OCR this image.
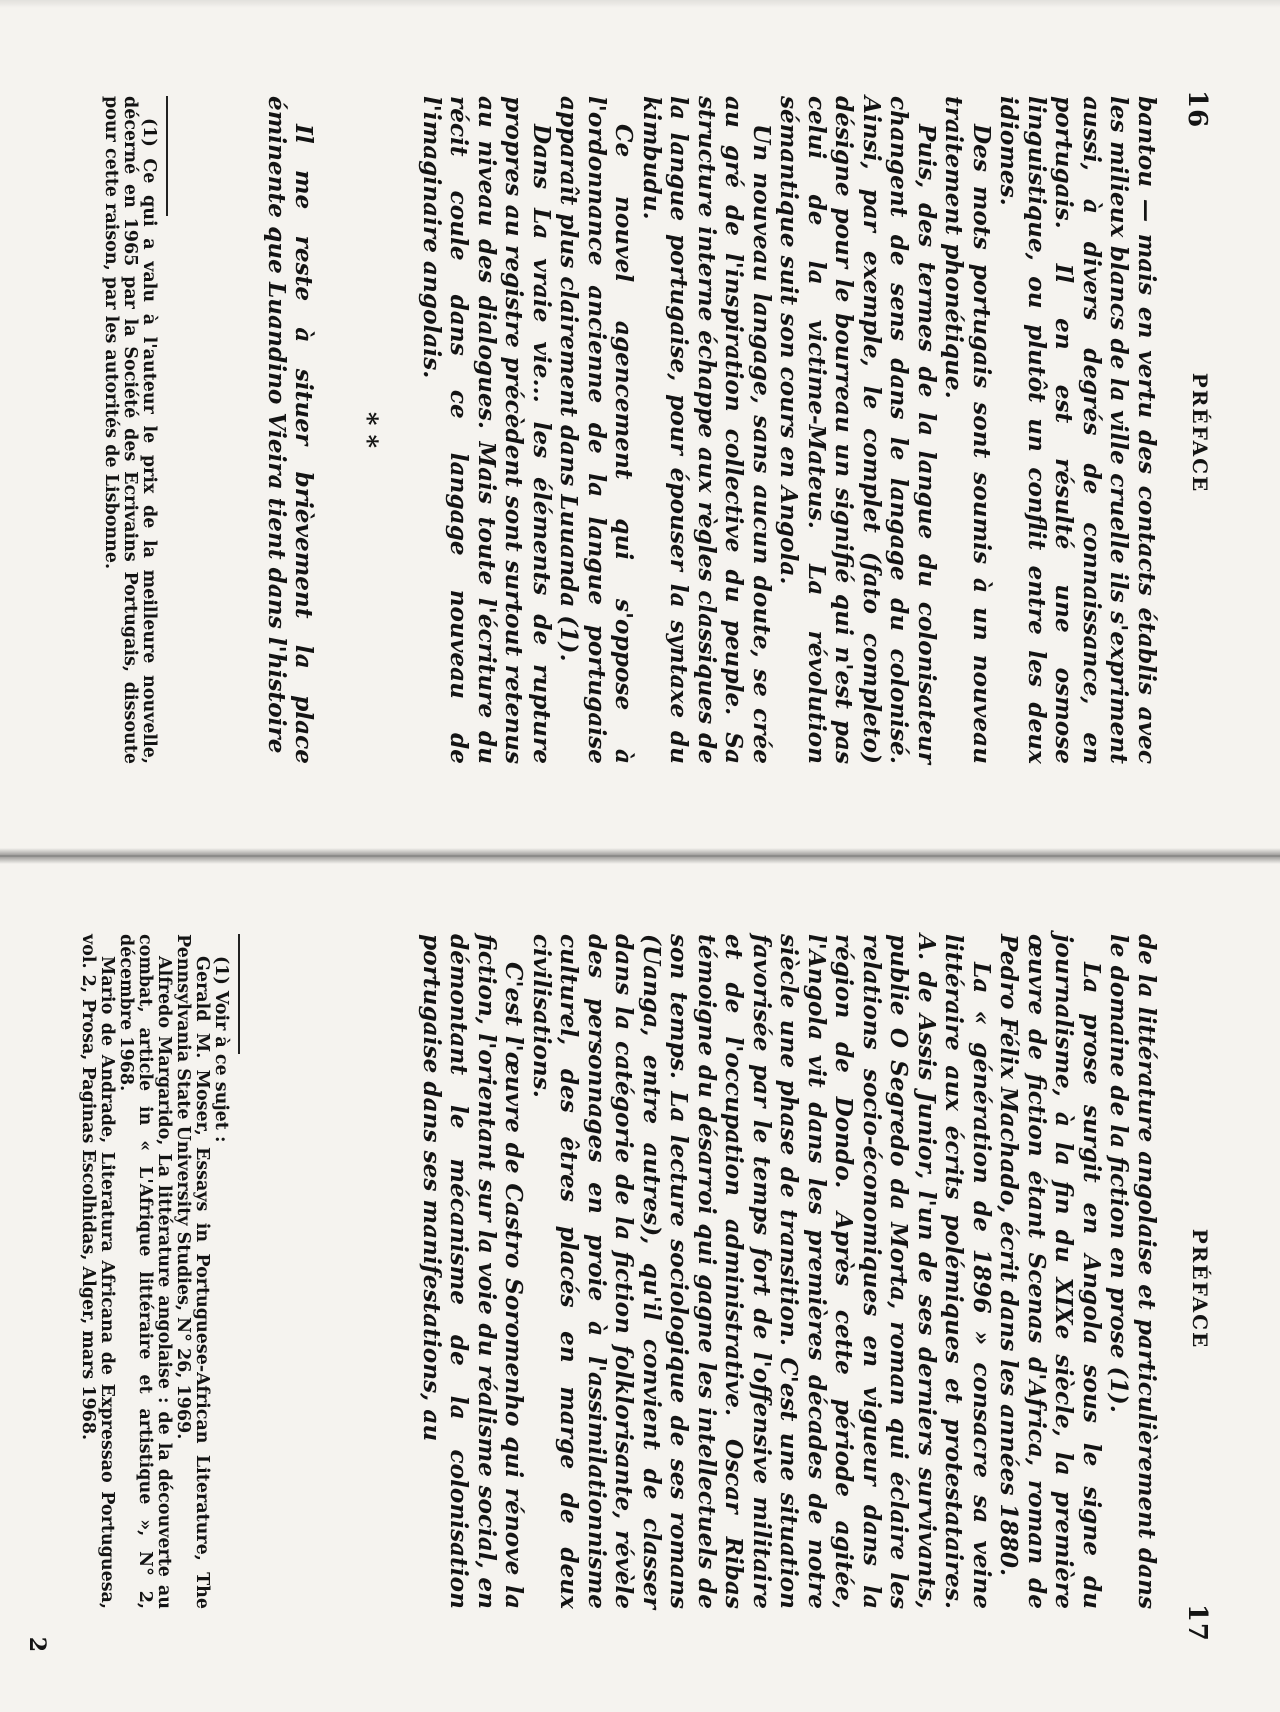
16
PRÉFACE

bantou — mais en vertu des contacts établis avec les milieux blancs de la ville cruelle ils s'expriment aussi, à divers degrés de connaissance, en portugais. Il en est résulté une osmose linguistique, ou plutôt un conflit entre les deux idiomes.

Des mots portugais sont soumis à un nouveau traitement phonétique.

Puis, des termes de la langue du colonisateur changent de sens dans le langage du colonisé. Ainsi, par exemple, le complet (fato completo) désigne pour le bourreau un signifié qui n'est pas celui de la victime-Mateus. La révolution sémantique suit son cours en Angola.

Un nouveau langage, sans aucun doute, se crée au gré de l'inspiration collective du peuple. Sa structure interne échappe aux règles classiques de la langue portugaise, pour épouser la syntaxe du kimbudu.

Ce nouvel agencement qui s'oppose à l'ordonnance ancienne de la langue portugaise apparaît plus clairement dans Luuanda (1).

Dans La vraie vie... les éléments de rupture propres au registre précèdent sont surtout retenus au niveau des dialogues. Mais toute l'écriture du récit coule dans ce langage nouveau de l'imaginaire angolais.

* *

Il me reste à situer brièvement la place éminente que Luandino Vieira tient dans l'histoire

(1) Ce qui a valu à l'auteur le prix de la meilleure nouvelle, décerné en 1965 par la Société des Ecrivains Portugais, dissoute pour cette raison, par les autorités de Lisbonne.

PRÉFACE
17

de la littérature angolaise et particulièrement dans le domaine de la fiction en prose (1).

La prose surgit en Angola sous le signe du journalisme, à la fin du XIXe siècle, la première œuvre de fiction étant Scenas d'Africa, roman de Pedro Félix Machado, écrit dans les années 1880.

La « génération de 1896 » consacre sa veine littéraire aux écrits polémiques et protestataires. A. de Assis Junior, l'un de ses derniers survivants, publie O Segredo da Morta, roman qui éclaire les relations socio-économiques en vigueur dans la région de Dondo. Après cette période agitée, l'Angola vit dans les premières décades de notre siècle une phase de transition. C'est une situation favorisée par le temps fort de l'offensive militaire et de l'occupation administrative. Oscar Ribas témoigne du désarroi qui gagne les intellectuels de son temps. La lecture sociologique de ses romans (Uanga, entre autres), qu'il convient de classer dans la catégorie de la fiction folklorisante, révèle des personnages en proie à l'assimilationnisme culturel, des êtres placés en marge de deux civilisations.

C'est l'œuvre de Castro Soromenho qui rénove la fiction, l'orientant sur la voie du réalisme social, en démontant le mécanisme de la colonisation portugaise dans ses manifestations, au

(1) Voir à ce sujet :

Gerald M. Moser, Essays in Portuguese-African Literature, The Pennsylvania State University Studies, N° 26, 1969.

Alfredo Margarido, La littérature angolaise : de la découverte au combat, article in « L'Afrique littéraire et artistique », N° 2, décembre 1968.

Mario de Andrade, Literatura Africana de Expressao Portuguesa, vol. 2, Prosa, Paginas Escolhidas, Alger, mars 1968.

2
